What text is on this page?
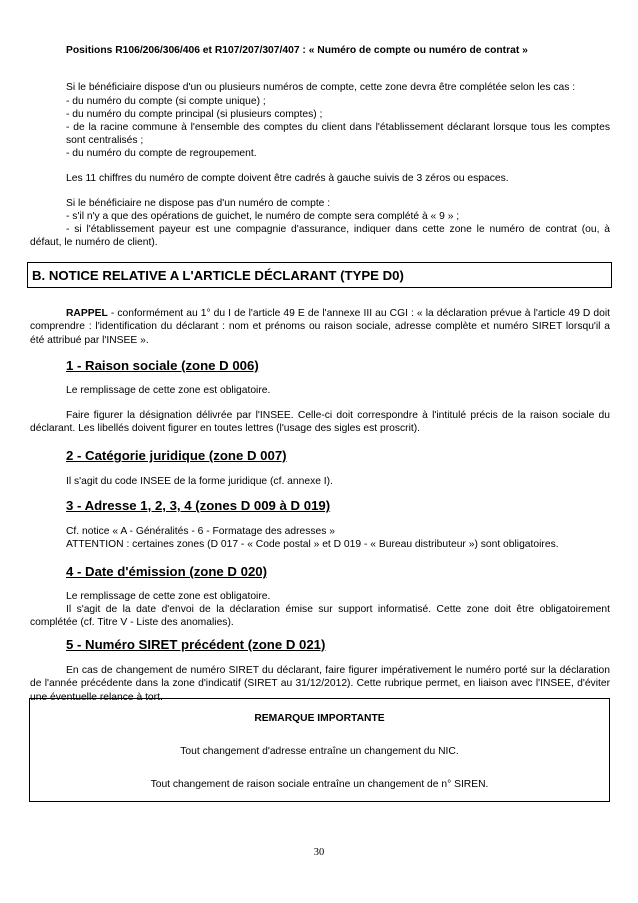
Positions R106/206/306/406 et R107/207/307/407 : « Numéro de compte ou numéro de contrat »
Si le bénéficiaire dispose d'un ou plusieurs numéros de compte, cette zone devra être complétée selon les cas :
- du numéro du compte (si compte unique) ;
- du numéro du compte principal (si plusieurs comptes) ;
- de la racine commune à l'ensemble des comptes du client dans l'établissement déclarant lorsque tous les comptes sont centralisés ;
- du numéro du compte de regroupement.
Les 11 chiffres du numéro de compte doivent être cadrés à gauche suivis de 3 zéros ou espaces.
Si le bénéficiaire ne dispose pas d'un numéro de compte :
- s'il n'y a que des opérations de guichet, le numéro de compte sera complété à « 9 » ;
- si l'établissement payeur est une compagnie d'assurance, indiquer dans cette zone le numéro de contrat (ou, à défaut, le numéro de client).
B. NOTICE RELATIVE A L'ARTICLE DÉCLARANT (TYPE D0)
RAPPEL - conformément au 1° du I de l'article 49 E de l'annexe III au CGI : « la déclaration prévue à l'article 49 D doit comprendre : l'identification du déclarant : nom et prénoms ou raison sociale, adresse complète et numéro SIRET lorsqu'il a été attribué par l'INSEE ».
1 - Raison sociale (zone D 006)
Le remplissage de cette zone est obligatoire.
Faire figurer la désignation délivrée par l'INSEE. Celle-ci doit correspondre à l'intitulé précis de la raison sociale du déclarant. Les libellés doivent figurer en toutes lettres (l'usage des sigles est proscrit).
2 - Catégorie juridique (zone D 007)
Il s'agit du code INSEE de la forme juridique (cf. annexe I).
3 - Adresse 1, 2, 3, 4 (zones D 009 à D 019)
Cf. notice « A - Généralités - 6 - Formatage des adresses »
ATTENTION : certaines zones (D 017 - « Code postal » et D 019 - « Bureau distributeur ») sont obligatoires.
4 - Date d'émission (zone D 020)
Le remplissage de cette zone est obligatoire.
Il s'agit de la date d'envoi de la déclaration émise sur support informatisé. Cette zone doit être obligatoirement complétée (cf. Titre V - Liste des anomalies).
5 - Numéro SIRET précédent (zone D 021)
En cas de changement de numéro SIRET du déclarant, faire figurer impérativement le numéro porté sur la déclaration de l'année précédente dans la zone d'indicatif (SIRET au 31/12/2012). Cette rubrique permet, en liaison avec l'INSEE, d'éviter une éventuelle relance à tort.
REMARQUE IMPORTANTE
Tout changement d'adresse entraîne un changement du NIC.
Tout changement de raison sociale entraîne un changement de n° SIREN.
30
